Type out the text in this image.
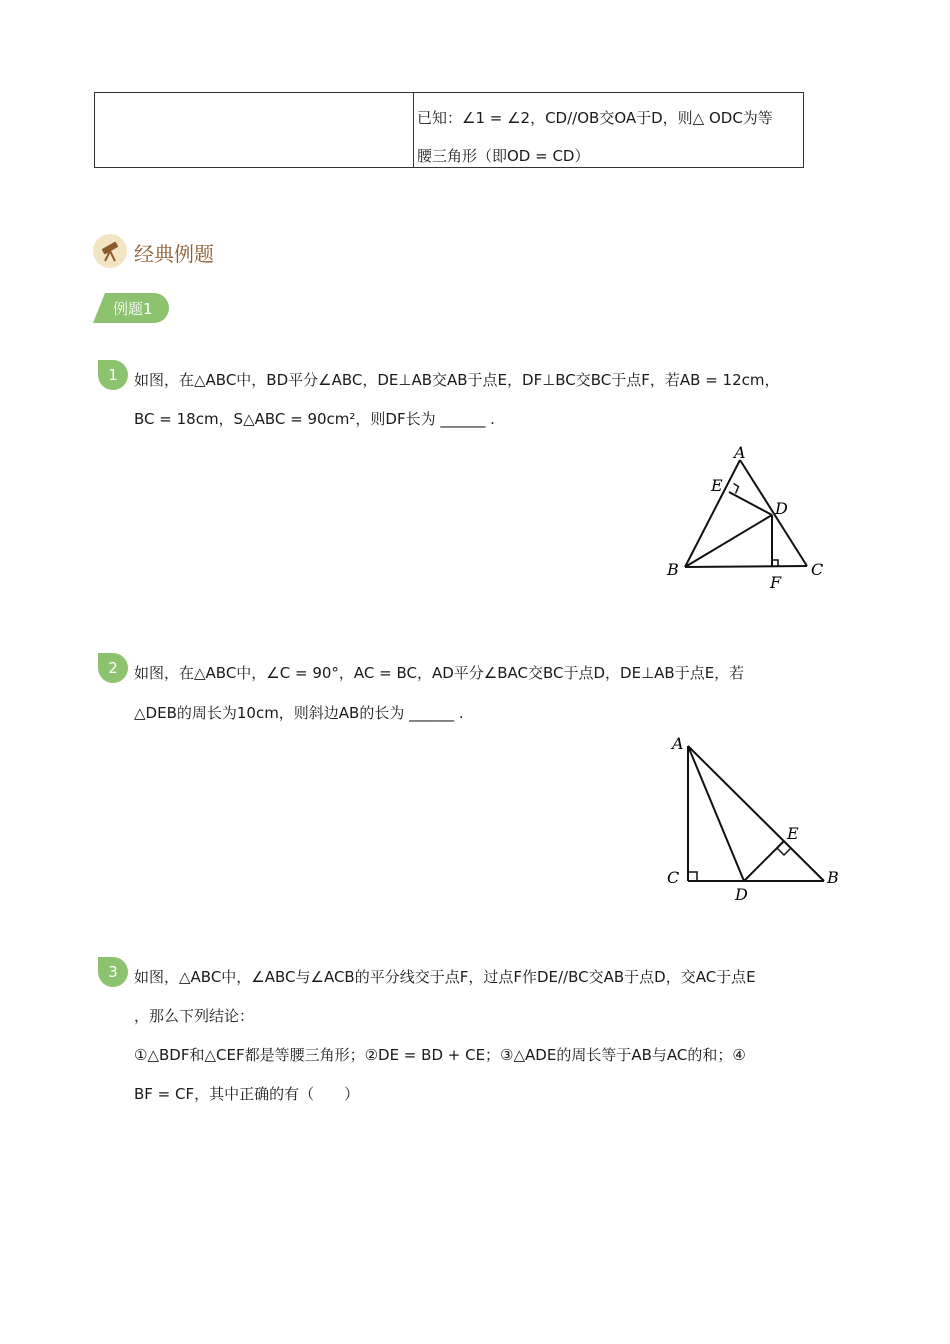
已知：∠1 = ∠2，CD//OB交OA于D，则△ ODC为等
腰三角形（即OD = CD）
经典例题
例题1
1	如图，在△ABC中，BD平分∠ABC，DE⊥AB交AB于点E，DF⊥BC交BC于点F，若AB = 12cm，
BC = 18cm，S△ABC = 90cm²，则DF长为 ______ .
A
E
D
B	C
F
2	如图，在△ABC中，∠C = 90°，AC = BC，AD平分∠BAC交BC于点D，DE⊥AB于点E，若
△DEB的周长为10cm，则斜边AB的长为 ______ .
A
E
C	B
D
3	如图，△ABC中，∠ABC与∠ACB的平分线交于点F，过点F作DE//BC交AB于点D，交AC于点E
，那么下列结论：
①△BDF和△CEF都是等腰三角形；②DE = BD + CE；③△ADE的周长等于AB与AC的和；④
BF = CF，其中正确的有（　　）
